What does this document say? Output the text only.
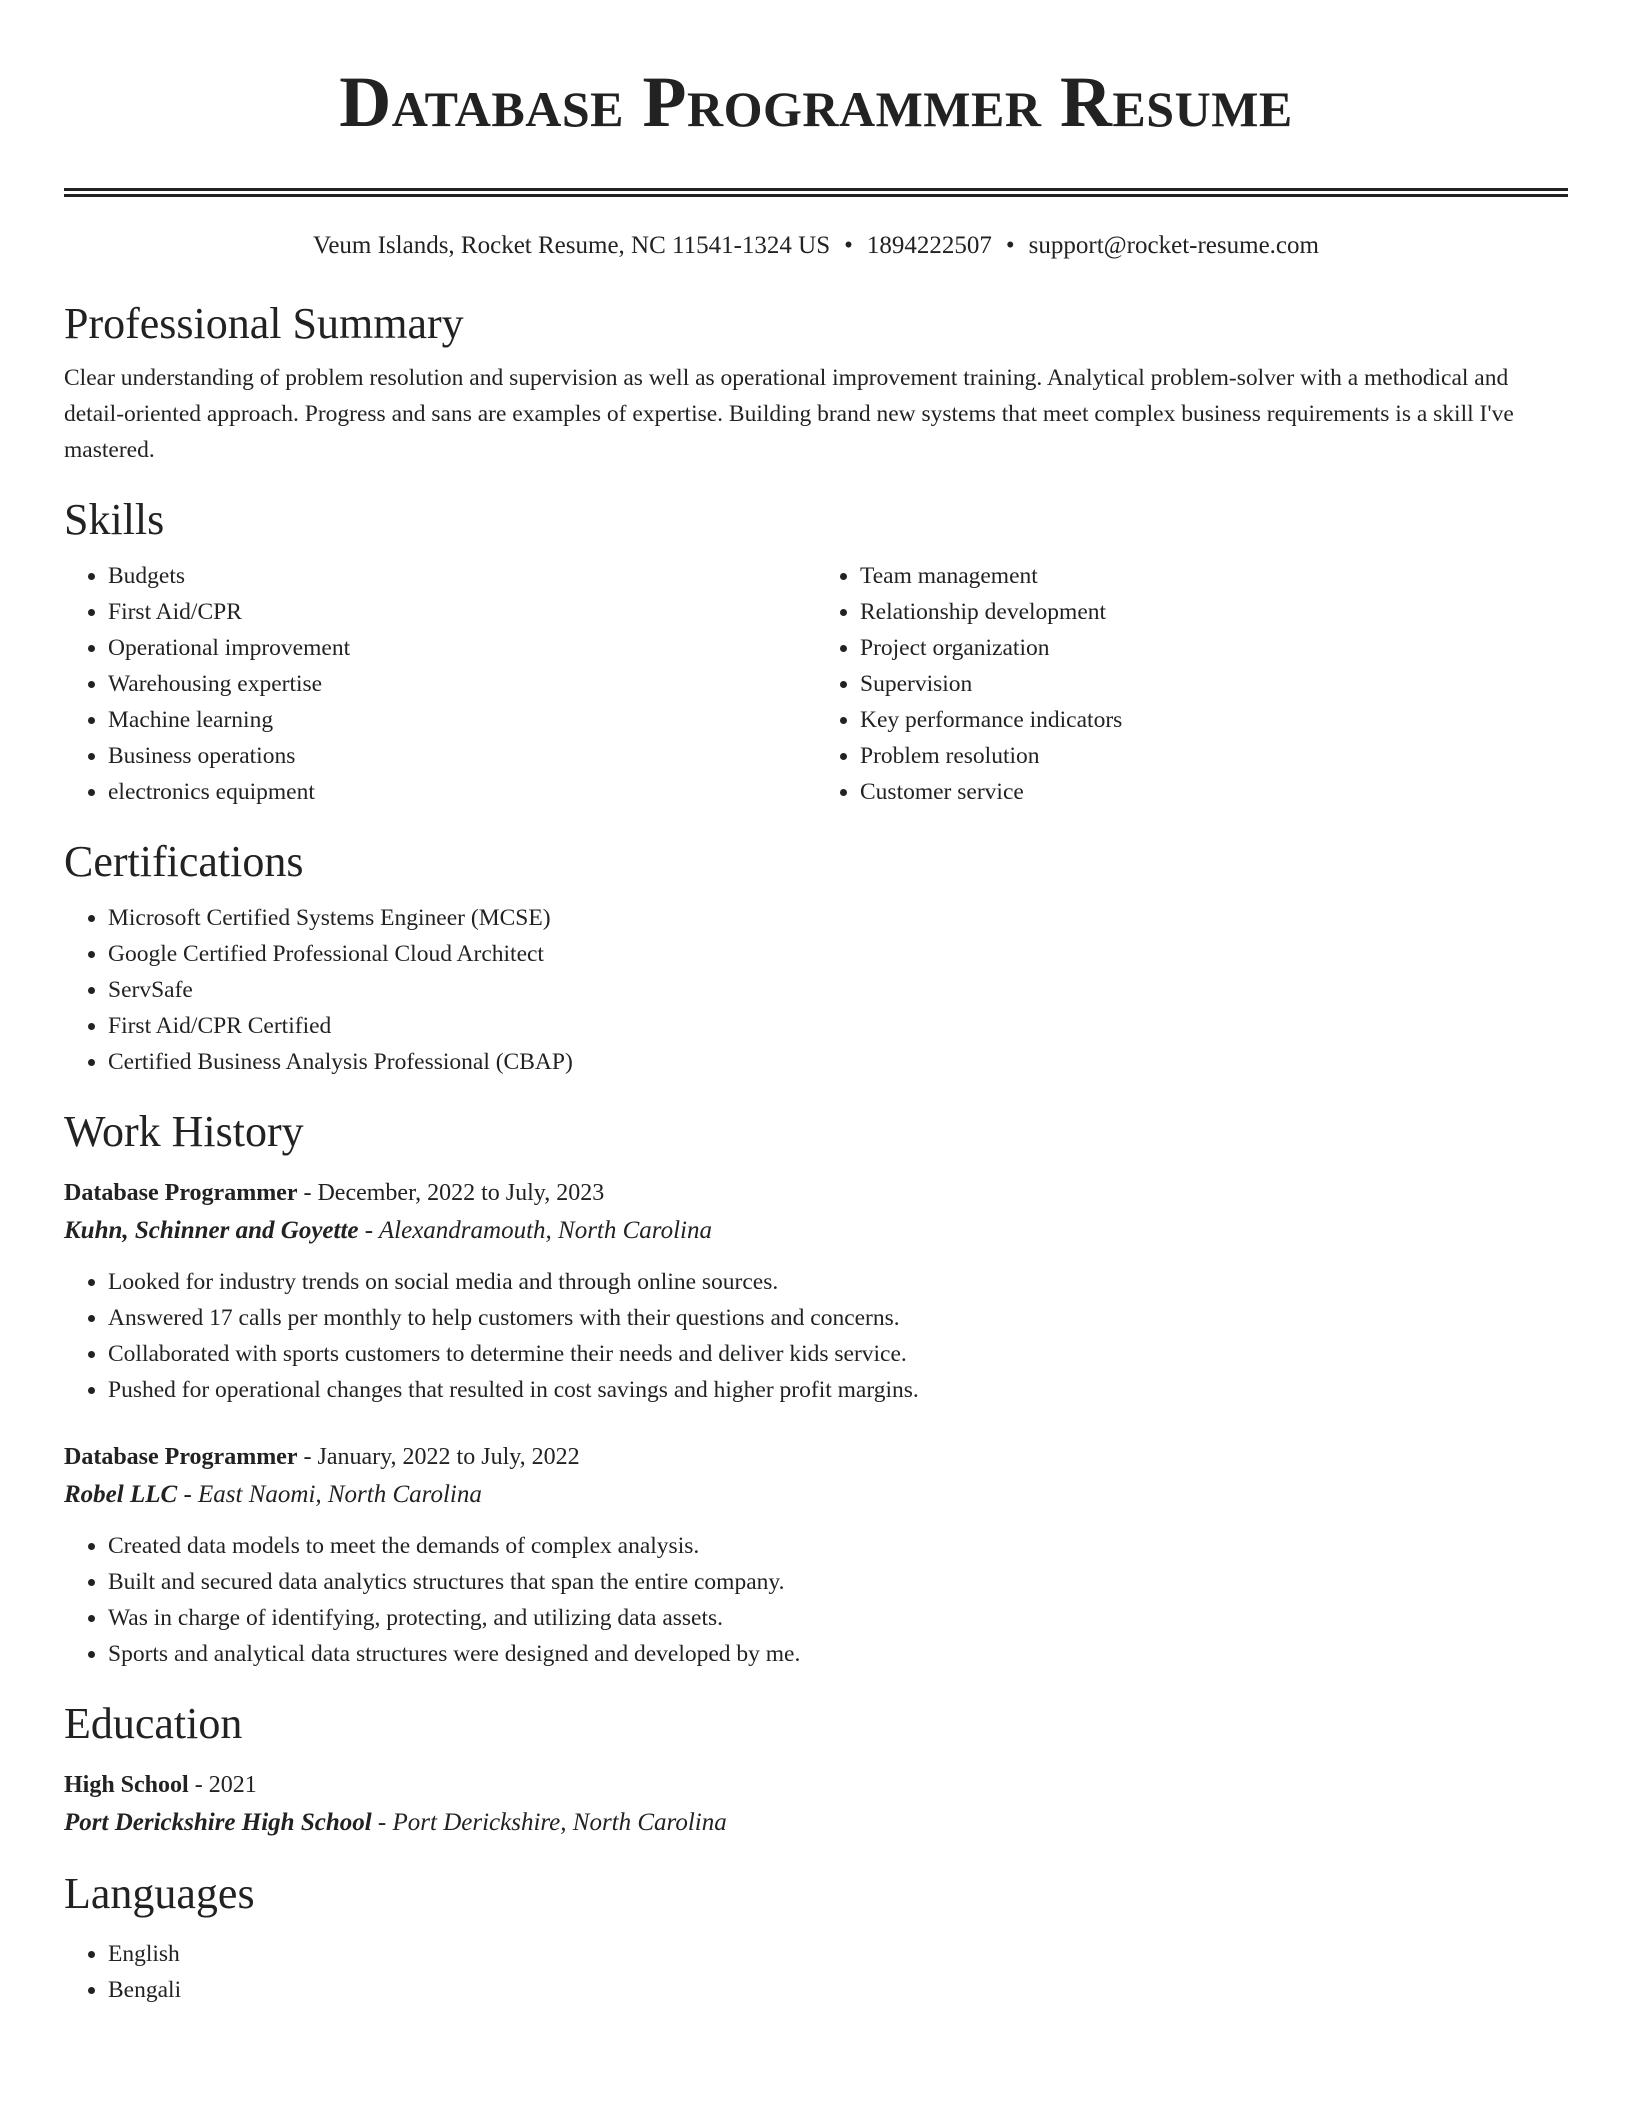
Database Programmer Resume
Veum Islands, Rocket Resume, NC 11541-1324 US • 1894222507 • support@rocket-resume.com
Professional Summary

Clear understanding of problem resolution and supervision as well as operational improvement training. Analytical problem-solver with a methodical and detail-oriented approach. Progress and sans are examples of expertise. Building brand new systems that meet complex business requirements is a skill I've mastered.

Skills
• Budgets
• First Aid/CPR
• Operational improvement
• Warehousing expertise
• Machine learning
• Business operations
• electronics equipment
• Team management
• Relationship development
• Project organization
• Supervision
• Key performance indicators
• Problem resolution
• Customer service
Certifications
• Microsoft Certified Systems Engineer (MCSE)
• Google Certified Professional Cloud Architect
• ServSafe
• First Aid/CPR Certified
• Certified Business Analysis Professional (CBAP)
Work History
Database Programmer - December, 2022 to July, 2023
Kuhn, Schinner and Goyette - Alexandramouth, North Carolina
• Looked for industry trends on social media and through online sources.
• Answered 17 calls per monthly to help customers with their questions and concerns.
• Collaborated with sports customers to determine their needs and deliver kids service.
• Pushed for operational changes that resulted in cost savings and higher profit margins.
Database Programmer - January, 2022 to July, 2022
Robel LLC - East Naomi, North Carolina
• Created data models to meet the demands of complex analysis.
• Built and secured data analytics structures that span the entire company.
• Was in charge of identifying, protecting, and utilizing data assets.
• Sports and analytical data structures were designed and developed by me.
Education
High School - 2021
Port Derickshire High School - Port Derickshire, North Carolina
Languages
• English
• Bengali
